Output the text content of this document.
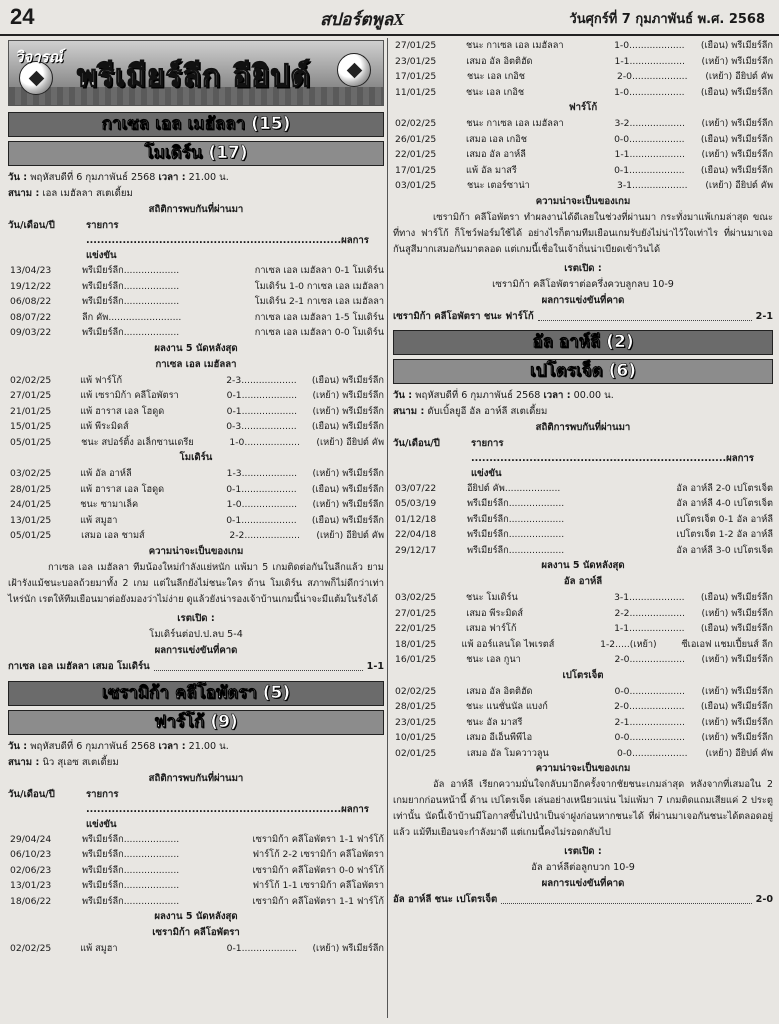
24	สปอร์ตพูลX	วันศุกร์ที่ 7 กุมภาพันธ์ พ.ศ. 2568
วิจารณ์
พรีเมียร์ลีก อียิปต์
กาเซล เอล เมฮัลลา (15)
โมเดิร์น (17)
วัน : พฤหัสบดีที่ 6 กุมภาพันธ์ 2568 เวลา : 21.00 น.
สนาม : เอล เมฮัลลา สเตเดี้ยม
สถิติการพบกันที่ผ่านมา
วัน/เดือน/ปี	รายการ ......................................................................ผลการแข่งขัน
13/04/23	พรีเมียร์ลีก...................	กาเซล เอล เมฮัลลา 0-1 โมเดิร์น
19/12/22	พรีเมียร์ลีก...................	โมเดิร์น 1-0 กาเซล เอล เมฮัลลา
06/08/22	พรีเมียร์ลีก...................	โมเดิร์น 2-1 กาเซล เอล เมฮัลลา
08/07/22	ลีก คัพ.........................	กาเซล เอล เมฮัลลา 1-5 โมเดิร์น
09/03/22	พรีเมียร์ลีก...................	กาเซล เอล เมฮัลลา 0-0 โมเดิร์น
ผลงาน 5 นัดหลังสุด
กาเซล เอล เมฮัลลา
02/02/25	แพ้ ฟาร์โก้	2-3...................	(เยือน) พรีเมียร์ลีก
27/01/25	แพ้ เซรามิก้า คลีโอพัตรา	0-1...................	(เหย้า) พรีเมียร์ลีก
21/01/25	แพ้ ฮาราส เอล โฮดูด	0-1...................	(เหย้า) พรีเมียร์ลีก
15/01/25	แพ้ พีระมิดส์	0-3...................	(เยือน) พรีเมียร์ลีก
05/01/25	ชนะ สปอร์ติ้ง อเล็กซานเดรีย	1-0...................	(เหย้า) อียิปต์ คัพ
โมเดิร์น
03/02/25	แพ้ อัล อาห์ลี	1-3...................	(เหย้า) พรีเมียร์ลีก
28/01/25	แพ้ ฮาราส เอล โฮดูด	0-1...................	(เยือน) พรีเมียร์ลีก
24/01/25	ชนะ ซามาเล็ค	1-0...................	(เหย้า) พรีเมียร์ลีก
13/01/25	แพ้ สมูฮา	0-1...................	(เยือน) พรีเมียร์ลีก
05/01/25	เสมอ เอล ชามส์	2-2...................	(เหย้า) อียิปต์ คัพ
ความน่าจะเป็นของเกม
กาเซล เอล เมฮัลลา ทีมน้องใหม่กำลังแย่หนัก แพ้มา 5 เกมติดต่อกันในลีกแล้ว ยามเฝ้ารังแม้ชนะบอลถ้วยมาทั้ง 2 เกม แต่ในลีกยังไม่ชนะใคร ด้าน โมเดิร์น สภาพก็ไม่ดีกว่าเท่าไหร่นัก เรตให้ทีมเยือนมาต่อยังมองว่าไม่ง่าย ดูแล้วยังน่ารองเจ้าบ้านเกมนี้น่าจะมีแต้มในรังได้
เรตเปิด :
โมเดิร์นต่อป.ป.ลบ 5-4
ผลการแข่งขันที่คาด
กาเซล เอล เมฮัลลา เสมอ โมเดิร์น	1-1
เซรามิก้า คลีโอพัตรา (5)
ฟาร์โก้ (9)
วัน : พฤหัสบดีที่ 6 กุมภาพันธ์ 2568 เวลา : 21.00 น.
สนาม : นิว สุเอซ สเตเดี้ยม
สถิติการพบกันที่ผ่านมา
วัน/เดือน/ปี	รายการ ......................................................................ผลการแข่งขัน
29/04/24	พรีเมียร์ลีก...................	เซรามิก้า คลีโอพัตรา 1-1 ฟาร์โก้
06/10/23	พรีเมียร์ลีก...................	ฟาร์โก้ 2-2 เซรามิก้า คลีโอพัตรา
02/06/23	พรีเมียร์ลีก...................	เซรามิก้า คลีโอพัตรา 0-0 ฟาร์โก้
13/01/23	พรีเมียร์ลีก...................	ฟาร์โก้ 1-1 เซรามิก้า คลีโอพัตรา
18/06/22	พรีเมียร์ลีก...................	เซรามิก้า คลีโอพัตรา 1-1 ฟาร์โก้
ผลงาน 5 นัดหลังสุด
เซรามิก้า คลีโอพัตรา
02/02/25	แพ้ สมูฮา	0-1...................	(เหย้า) พรีเมียร์ลีก
27/01/25	ชนะ กาเซล เอล เมฮัลลา	1-0...................	(เยือน) พรีเมียร์ลีก
23/01/25	เสมอ อัล อิตติฮัด	1-1...................	(เหย้า) พรีเมียร์ลีก
17/01/25	ชนะ เอล เกอิช	2-0...................	(เหย้า) อียิปต์ คัพ
11/01/25	ชนะ เอล เกอิช	1-0...................	(เยือน) พรีเมียร์ลีก
ฟาร์โก้
02/02/25	ชนะ กาเซล เอล เมฮัลลา	3-2...................	(เหย้า) พรีเมียร์ลีก
26/01/25	เสมอ เอล เกอิช	0-0...................	(เยือน) พรีเมียร์ลีก
22/01/25	เสมอ อัล อาห์ลี	1-1...................	(เหย้า) พรีเมียร์ลีก
17/01/25	แพ้ อัล มาสรี	0-1...................	(เยือน) พรีเมียร์ลีก
03/01/25	ชนะ เตอร์ซาน่า	3-1...................	(เหย้า) อียิปต์ คัพ
ความน่าจะเป็นของเกม
เซรามิก้า คลีโอพัตรา ทำผลงานได้ดีเลยในช่วงที่ผ่านมา กระทั่งมาแพ้เกมล่าสุด ขณะที่ทาง ฟาร์โก้ ก็โชว์ฟอร์มใช้ได้ อย่างไรก็ตามทีมเยือนเกมรับยังไม่น่าไว้ใจเท่าไร ที่ผ่านมาเจอกันสูสีมากเสมอกันมาตลอด แต่เกมนี้เชื่อในเจ้าถิ่นน่าเบียดเข้าวินได้
เรตเปิด :
เซรามิก้า คลีโอพัตราต่อครึ่งควบลูกลบ 10-9
ผลการแข่งขันที่คาด
เซรามิก้า คลีโอพัตรา ชนะ ฟาร์โก้	2-1
อัล อาห์ลี (2)
เปโตรเจ็ต (6)
วัน : พฤหัสบดีที่ 6 กุมภาพันธ์ 2568 เวลา : 00.00 น.
สนาม : ดับเบิ้ลยูอี อัล อาห์ลี สเตเดี้ยม
สถิติการพบกันที่ผ่านมา
วัน/เดือน/ปี	รายการ ......................................................................ผลการแข่งขัน
03/07/22	อียิปต์ คัพ...................	อัล อาห์ลี 2-0 เปโตรเจ็ต
05/03/19	พรีเมียร์ลีก...................	อัล อาห์ลี 4-0 เปโตรเจ็ต
01/12/18	พรีเมียร์ลีก...................	เปโตรเจ็ต 0-1 อัล อาห์ลี
22/04/18	พรีเมียร์ลีก...................	เปโตรเจ็ต 1-2 อัล อาห์ลี
29/12/17	พรีเมียร์ลีก...................	อัล อาห์ลี 3-0 เปโตรเจ็ต
ผลงาน 5 นัดหลังสุด
อัล อาห์ลี
03/02/25	ชนะ โมเดิร์น	3-1...................	(เยือน) พรีเมียร์ลีก
27/01/25	เสมอ พีระมิดส์	2-2...................	(เหย้า) พรีเมียร์ลีก
22/01/25	เสมอ ฟาร์โก้	1-1...................	(เยือน) พรีเมียร์ลีก
18/01/25	แพ้ ออร์แลนโด ไพเรตส์	1-2.....(เหย้า)	ซีเอเอฟ แชมเปี้ยนส์ ลีก
16/01/25	ชนะ เอล กูนา	2-0...................	(เหย้า) พรีเมียร์ลีก
เปโตรเจ็ต
02/02/25	เสมอ อัล อิตติฮัด	0-0...................	(เหย้า) พรีเมียร์ลีก
28/01/25	ชนะ แนชั่นนัล แบงก์	2-0...................	(เยือน) พรีเมียร์ลีก
23/01/25	ชนะ อัล มาสรี	2-1...................	(เหย้า) พรีเมียร์ลีก
10/01/25	เสมอ อีเอ็นพีพีไอ	0-0...................	(เหย้า) พรีเมียร์ลีก
02/01/25	เสมอ อัล โมควาวลูน	0-0...................	(เหย้า) อียิปต์ คัพ
ความน่าจะเป็นของเกม
อัล อาห์ลี เรียกความมั่นใจกลับมาอีกครั้งจากชัยชนะเกมล่าสุด หลังจากที่เสมอใน 2 เกมยากก่อนหน้านี้ ด้าน เปโตรเจ็ต เล่นอย่างเหนียวแน่น ไม่แพ้มา 7 เกมติดแถมเสียแค่ 2 ประตูเท่านั้น นัดนี้เจ้าบ้านมีโอกาสขึ้นไปนำเป็นจ่าฝูงก่อนหากชนะได้ ที่ผ่านมาเจอกันชนะได้ตลอดอยู่แล้ว แม้ทีมเยือนจะกำลังมาดี แต่เกมนี้คงไม่รอดกลับไป
เรตเปิด :
อัล อาห์ลีต่อลูกบวก 10-9
ผลการแข่งขันที่คาด
อัล อาห์ลี ชนะ เปโตรเจ็ต	2-0
